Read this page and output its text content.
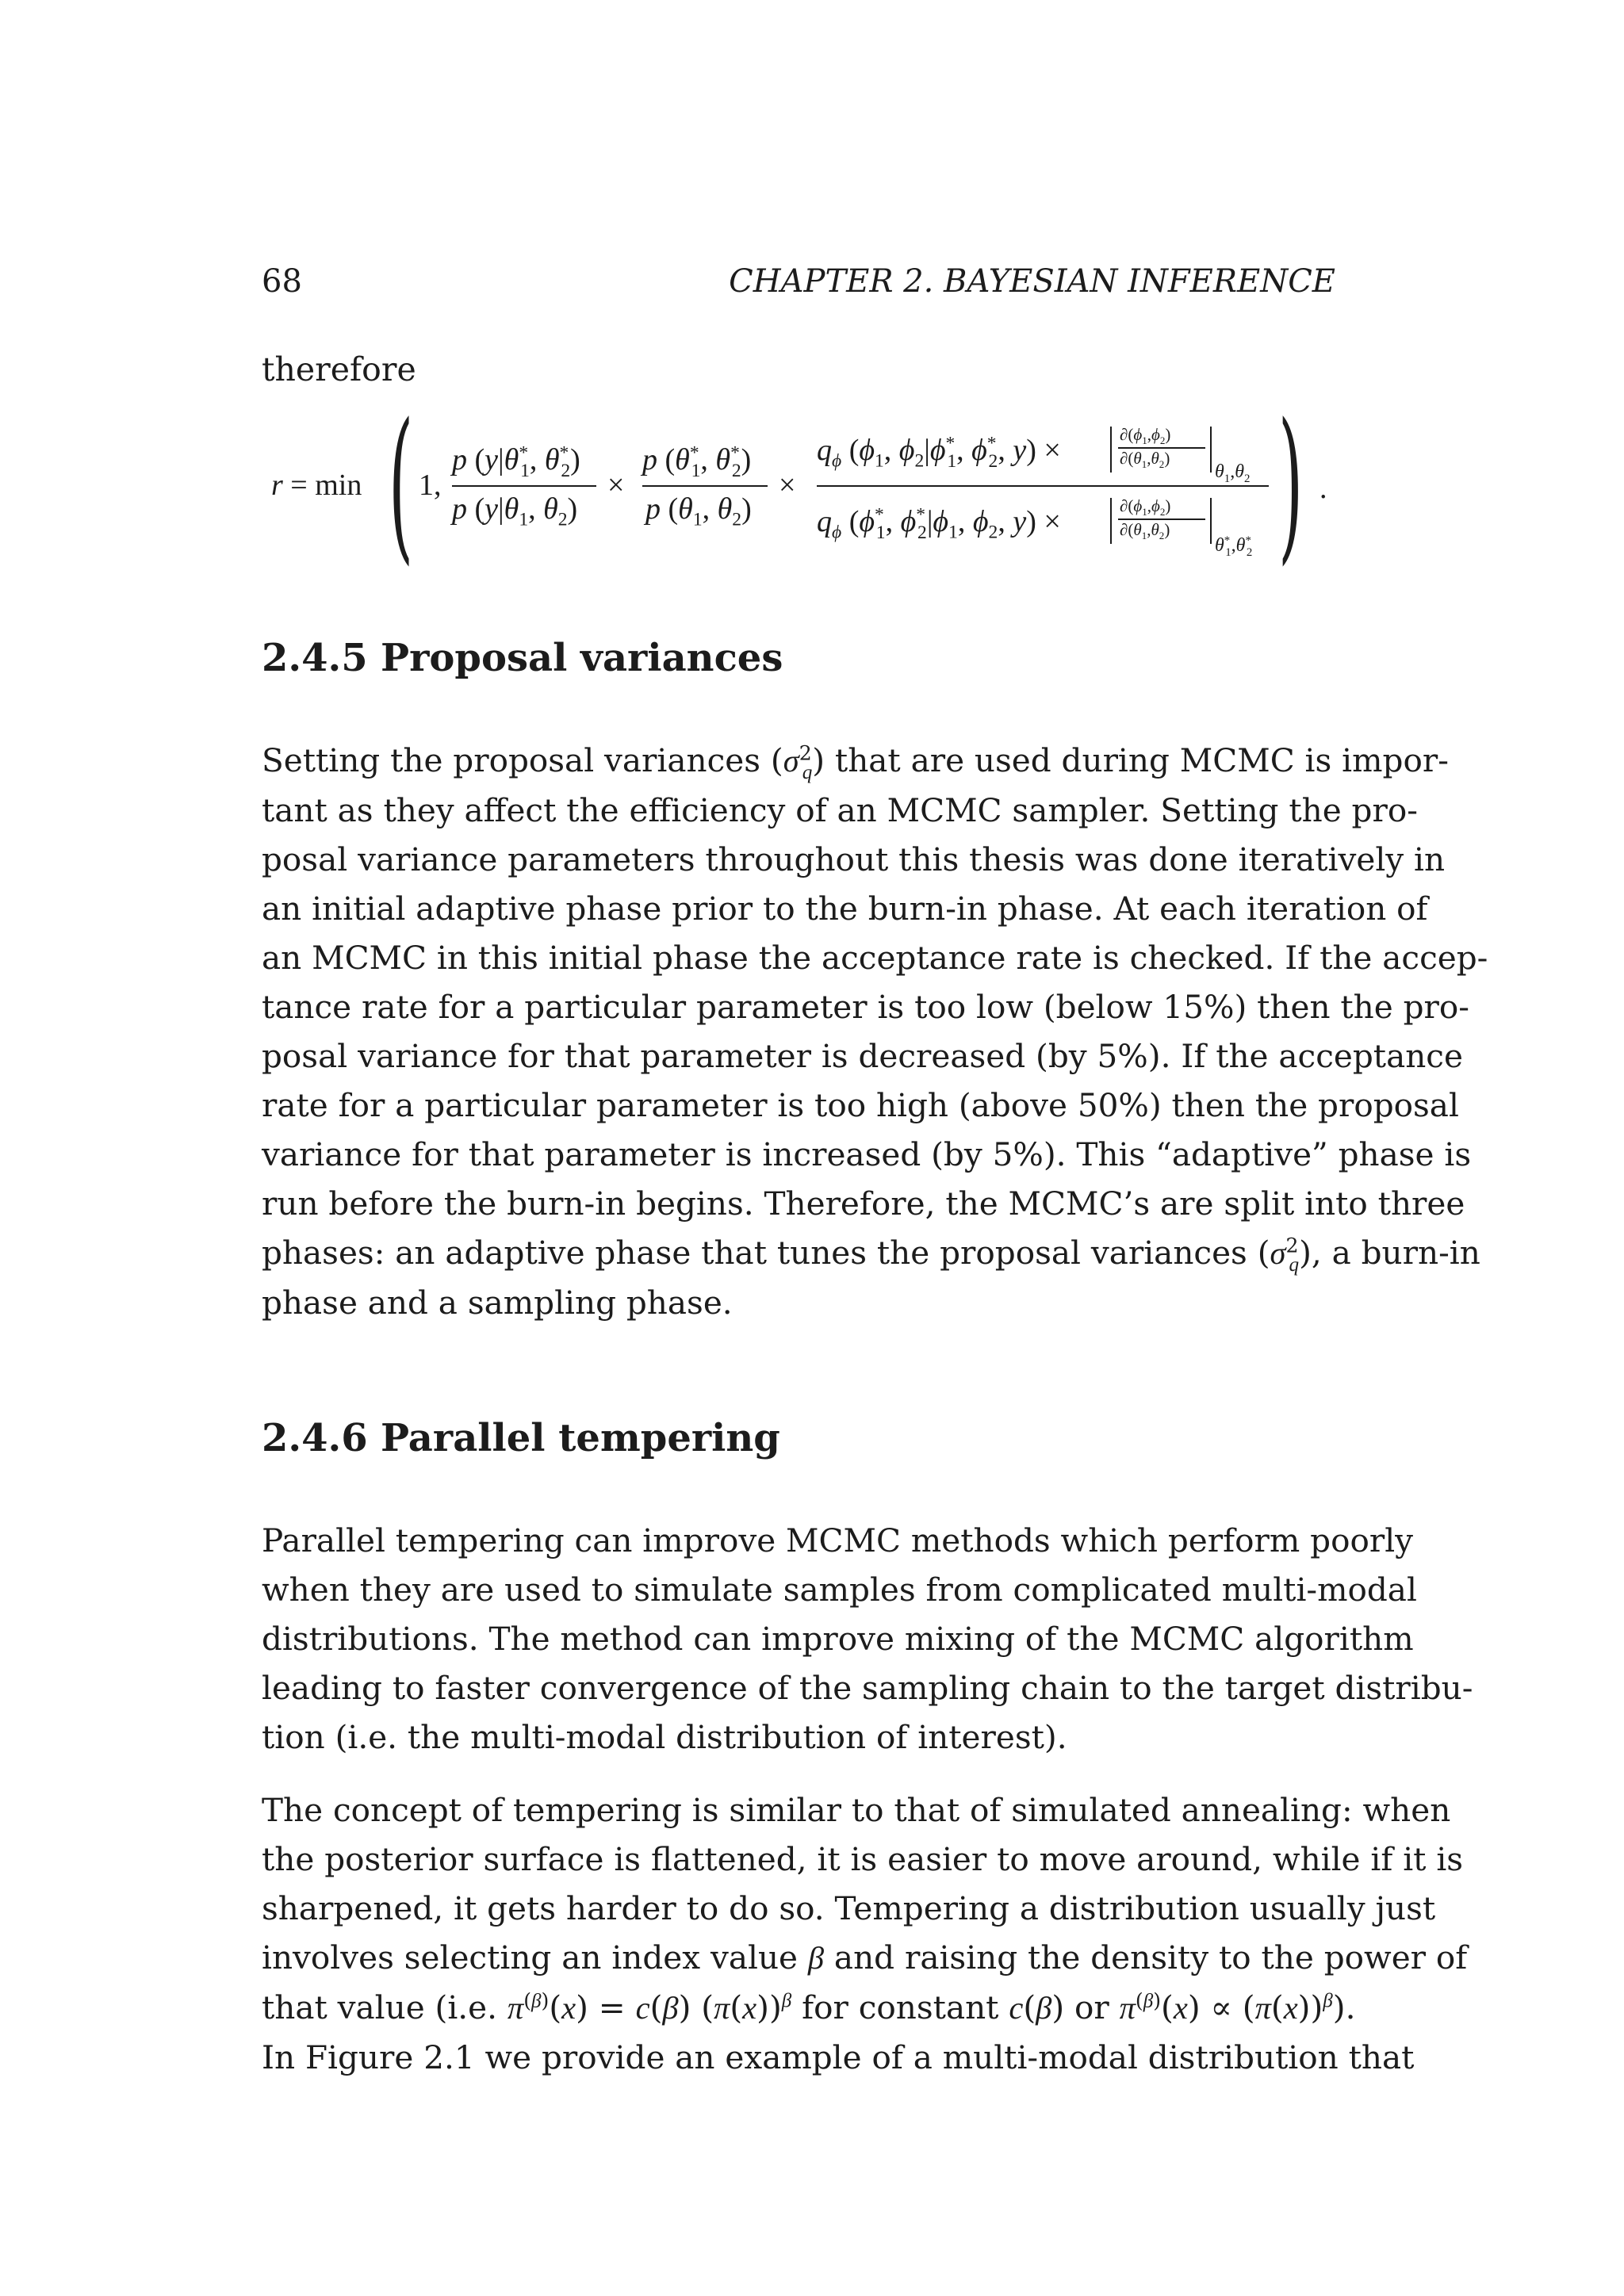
68	CHAPTER 2. BAYESIAN INFERENCE
therefore
r = min ( 1,
p ($y|\theta^*_1$, $\theta^*_2$)
p ($y|\theta_1$, $\theta_2$)
×
p ($\theta^*_1$, $\theta^*_2$)
p ($\theta_1$, $\theta_2$)
×
$q_\phi$ ($\phi_1$, $\phi_2|\phi^*_1$, $\phi^*_2$, y) ×	$\partial(\phi_1,\phi_2)$
$\partial(\theta_1,\theta_2)$
$\theta_1,\theta_2$
$q_\phi$ ($\phi^*_1$, $\phi^*_2|\phi_1$, $\phi_2$, y) ×	$\partial(\phi_1,\phi_2)$
$\partial(\theta_1,\theta_2)$
$\theta^*_1,\theta^*_2$ ) .
2.4.5 Proposal variances
Setting the proposal variances $(\sigma^2_q)$ that are used during MCMC is impor-
tant as they affect the efficiency of an MCMC sampler. Setting the pro-
posal variance parameters throughout this thesis was done iteratively in
an initial adaptive phase prior to the burn-in phase. At each iteration of
an MCMC in this initial phase the acceptance rate is checked. If the accep-
tance rate for a particular parameter is too low (below 15%) then the pro-
posal variance for that parameter is decreased (by 5%). If the acceptance
rate for a particular parameter is too high (above 50%) then the proposal
variance for that parameter is increased (by 5%). This “adaptive” phase is
run before the burn-in begins. Therefore, the MCMC’s are split into three
phases: an adaptive phase that tunes the proposal variances $(\sigma^2_q)$, a burn-in
phase and a sampling phase.
2.4.6 Parallel tempering
Parallel tempering can improve MCMC methods which perform poorly
when they are used to simulate samples from complicated multi-modal
distributions. The method can improve mixing of the MCMC algorithm
leading to faster convergence of the sampling chain to the target distribu-
tion (i.e. the multi-modal distribution of interest).
The concept of tempering is similar to that of simulated annealing: when
the posterior surface is flattened, it is easier to move around, while if it is
sharpened, it gets harder to do so. Tempering a distribution usually just
involves selecting an index value β and raising the density to the power of
that value (i.e. $\pi^{(\beta)}(x) = c(\beta)$ $(\pi(x))^\beta$ for constant c(β) or $\pi^{(\beta)}(x) \propto (\pi(x))^\beta$).
In Figure 2.1 we provide an example of a multi-modal distribution that
